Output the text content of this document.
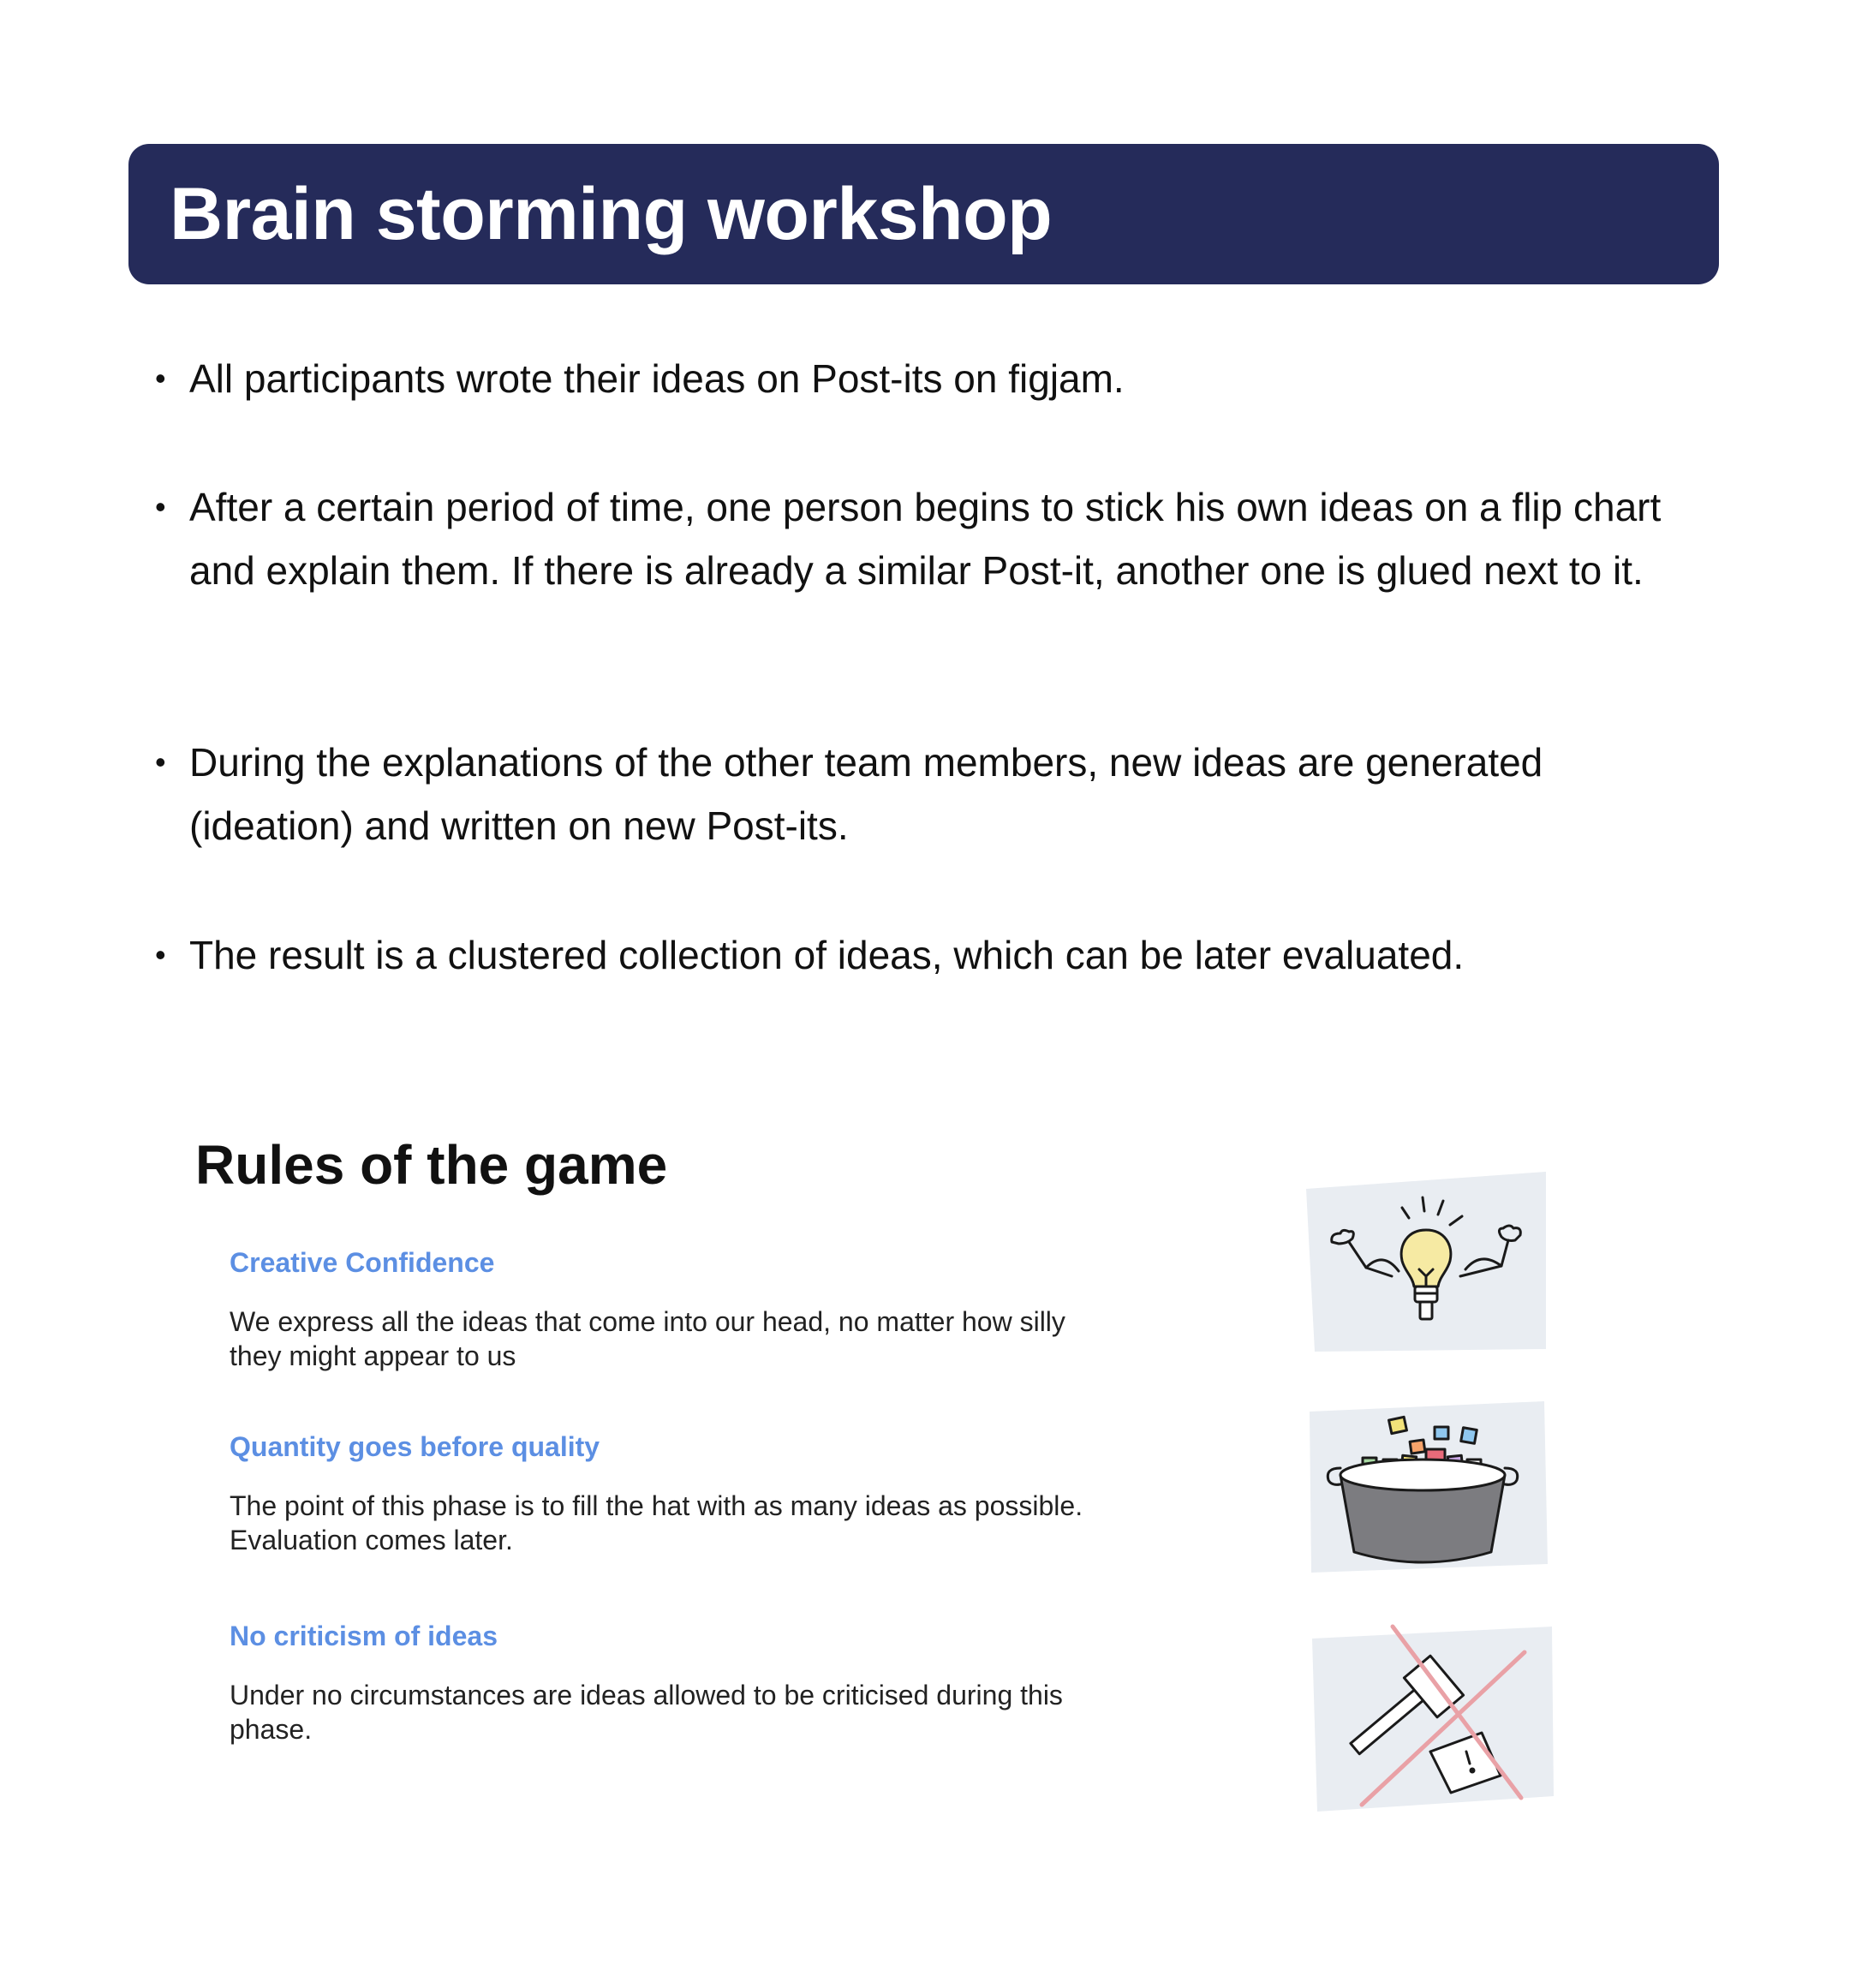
Brain storming workshop
• All participants wrote their ideas on Post-its on figjam.
• After a certain period of time, one person begins to stick his own ideas on a flip chart and explain them. If there is already a similar Post-it, another one is glued next to it.
• During the explanations of the other team members, new ideas are generated (ideation) and written on new Post-its.
• The result is a clustered collection of ideas, which can be later evaluated.
Rules of the game
Creative Confidence

We express all the ideas that come into our head, no matter how silly they might appear to us

Quantity goes before quality

The point of this phase is to fill the hat with as many ideas as possible. Evaluation comes later.

No criticism of ideas

Under no circumstances are ideas allowed to be criticised during this phase.
